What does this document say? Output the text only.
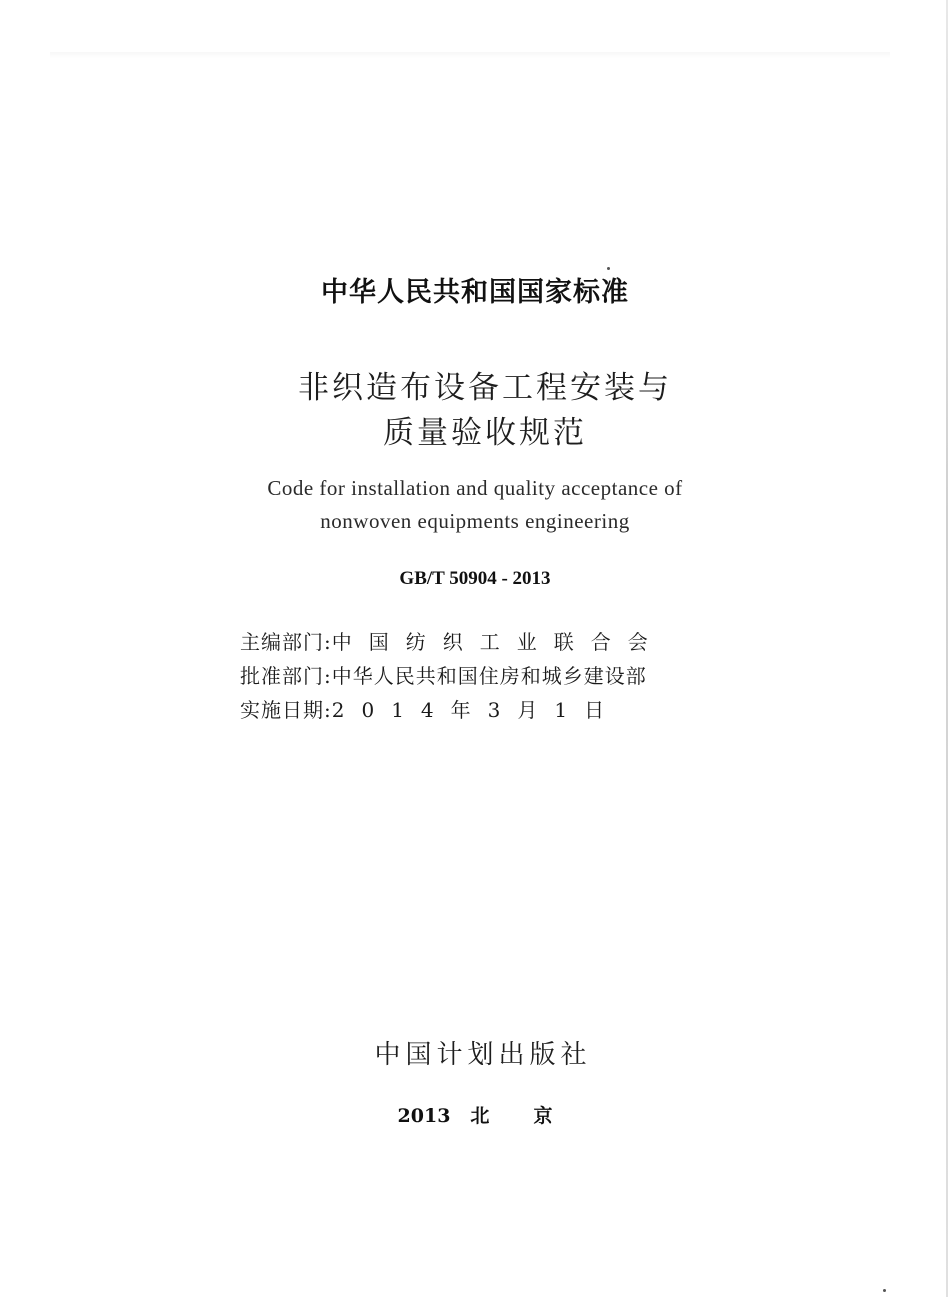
中华人民共和国国家标准
非织造布设备工程安装与
质量验收规范
Code for installation and quality acceptance of
nonwoven equipments engineering
GB/T 50904 - 2013
主编部门:中国纺织工业联合会
批准部门:中华人民共和国住房和城乡建设部
实施日期:2014年3月1日
中国计划出版社
2013 北 京
